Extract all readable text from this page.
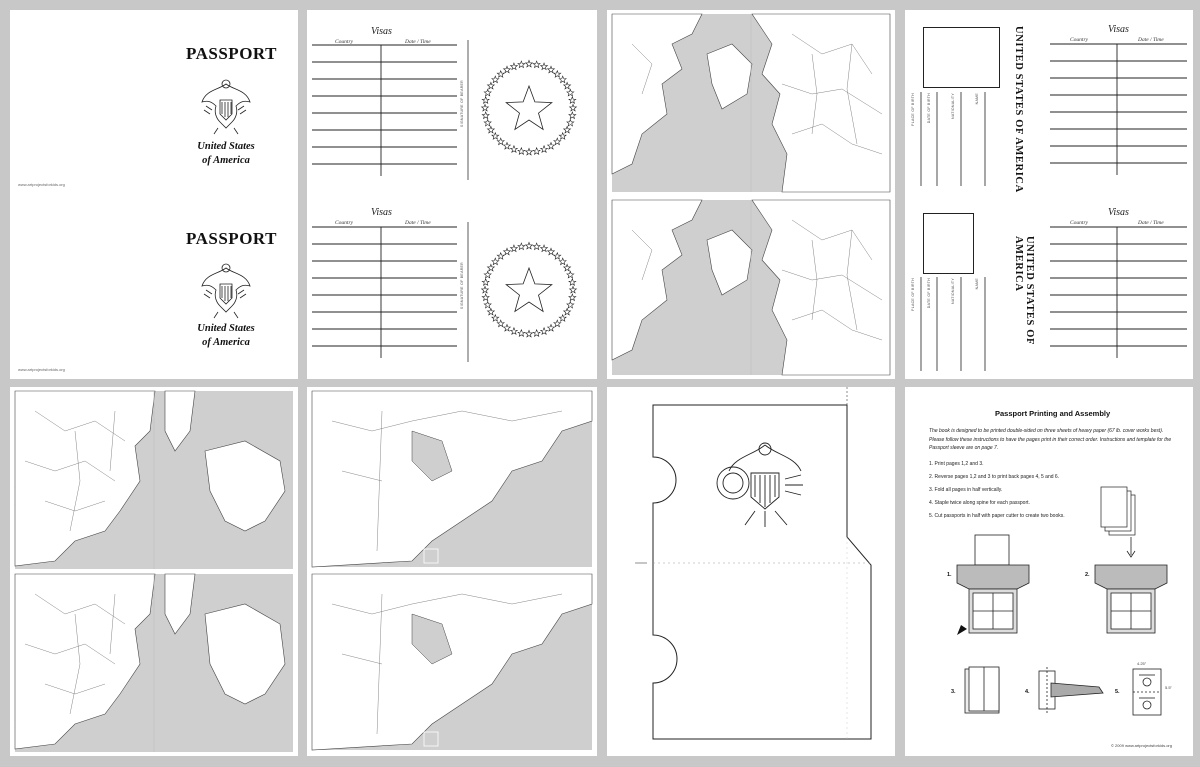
PASSPORT
United States
of America
www.artprojectsforkids.org
PASSPORT
United States
of America
www.artprojectsforkids.org
Visas
Country	Date / Time
SIGNATURE OF BEARER
Visas
Country	Date / Time
SIGNATURE OF BEARER
UNITED STATES OF AMERICA
NAME
NATIONALITY
DATE OF BIRTH
PLACE OF BIRTH
Visas
Country	Date / Time
UNITED STATES OF AMERICA
NAME
NATIONALITY
DATE OF BIRTH
PLACE OF BIRTH
Visas
Country	Date / Time
Passport Printing and Assembly
The book is designed to be printed double-sided on three sheets of heavy paper (67 lb. cover works best). Please follow these instructions to have the pages print in their correct order. Instructions and template for the Passport sleeve are on page 7.
1. Print pages 1,2 and 3.
2. Reverse pages 1,2 and 3 to print back pages 4, 5 and 6.
3. Fold all pages in half vertically.
4. Staple twice along spine for each passport.
5. Cut passports in half with paper cutter to create two books.
1.	2.
3.	4.	5.
4.25"
5.5"
© 2009 www.artprojectsforkids.org
